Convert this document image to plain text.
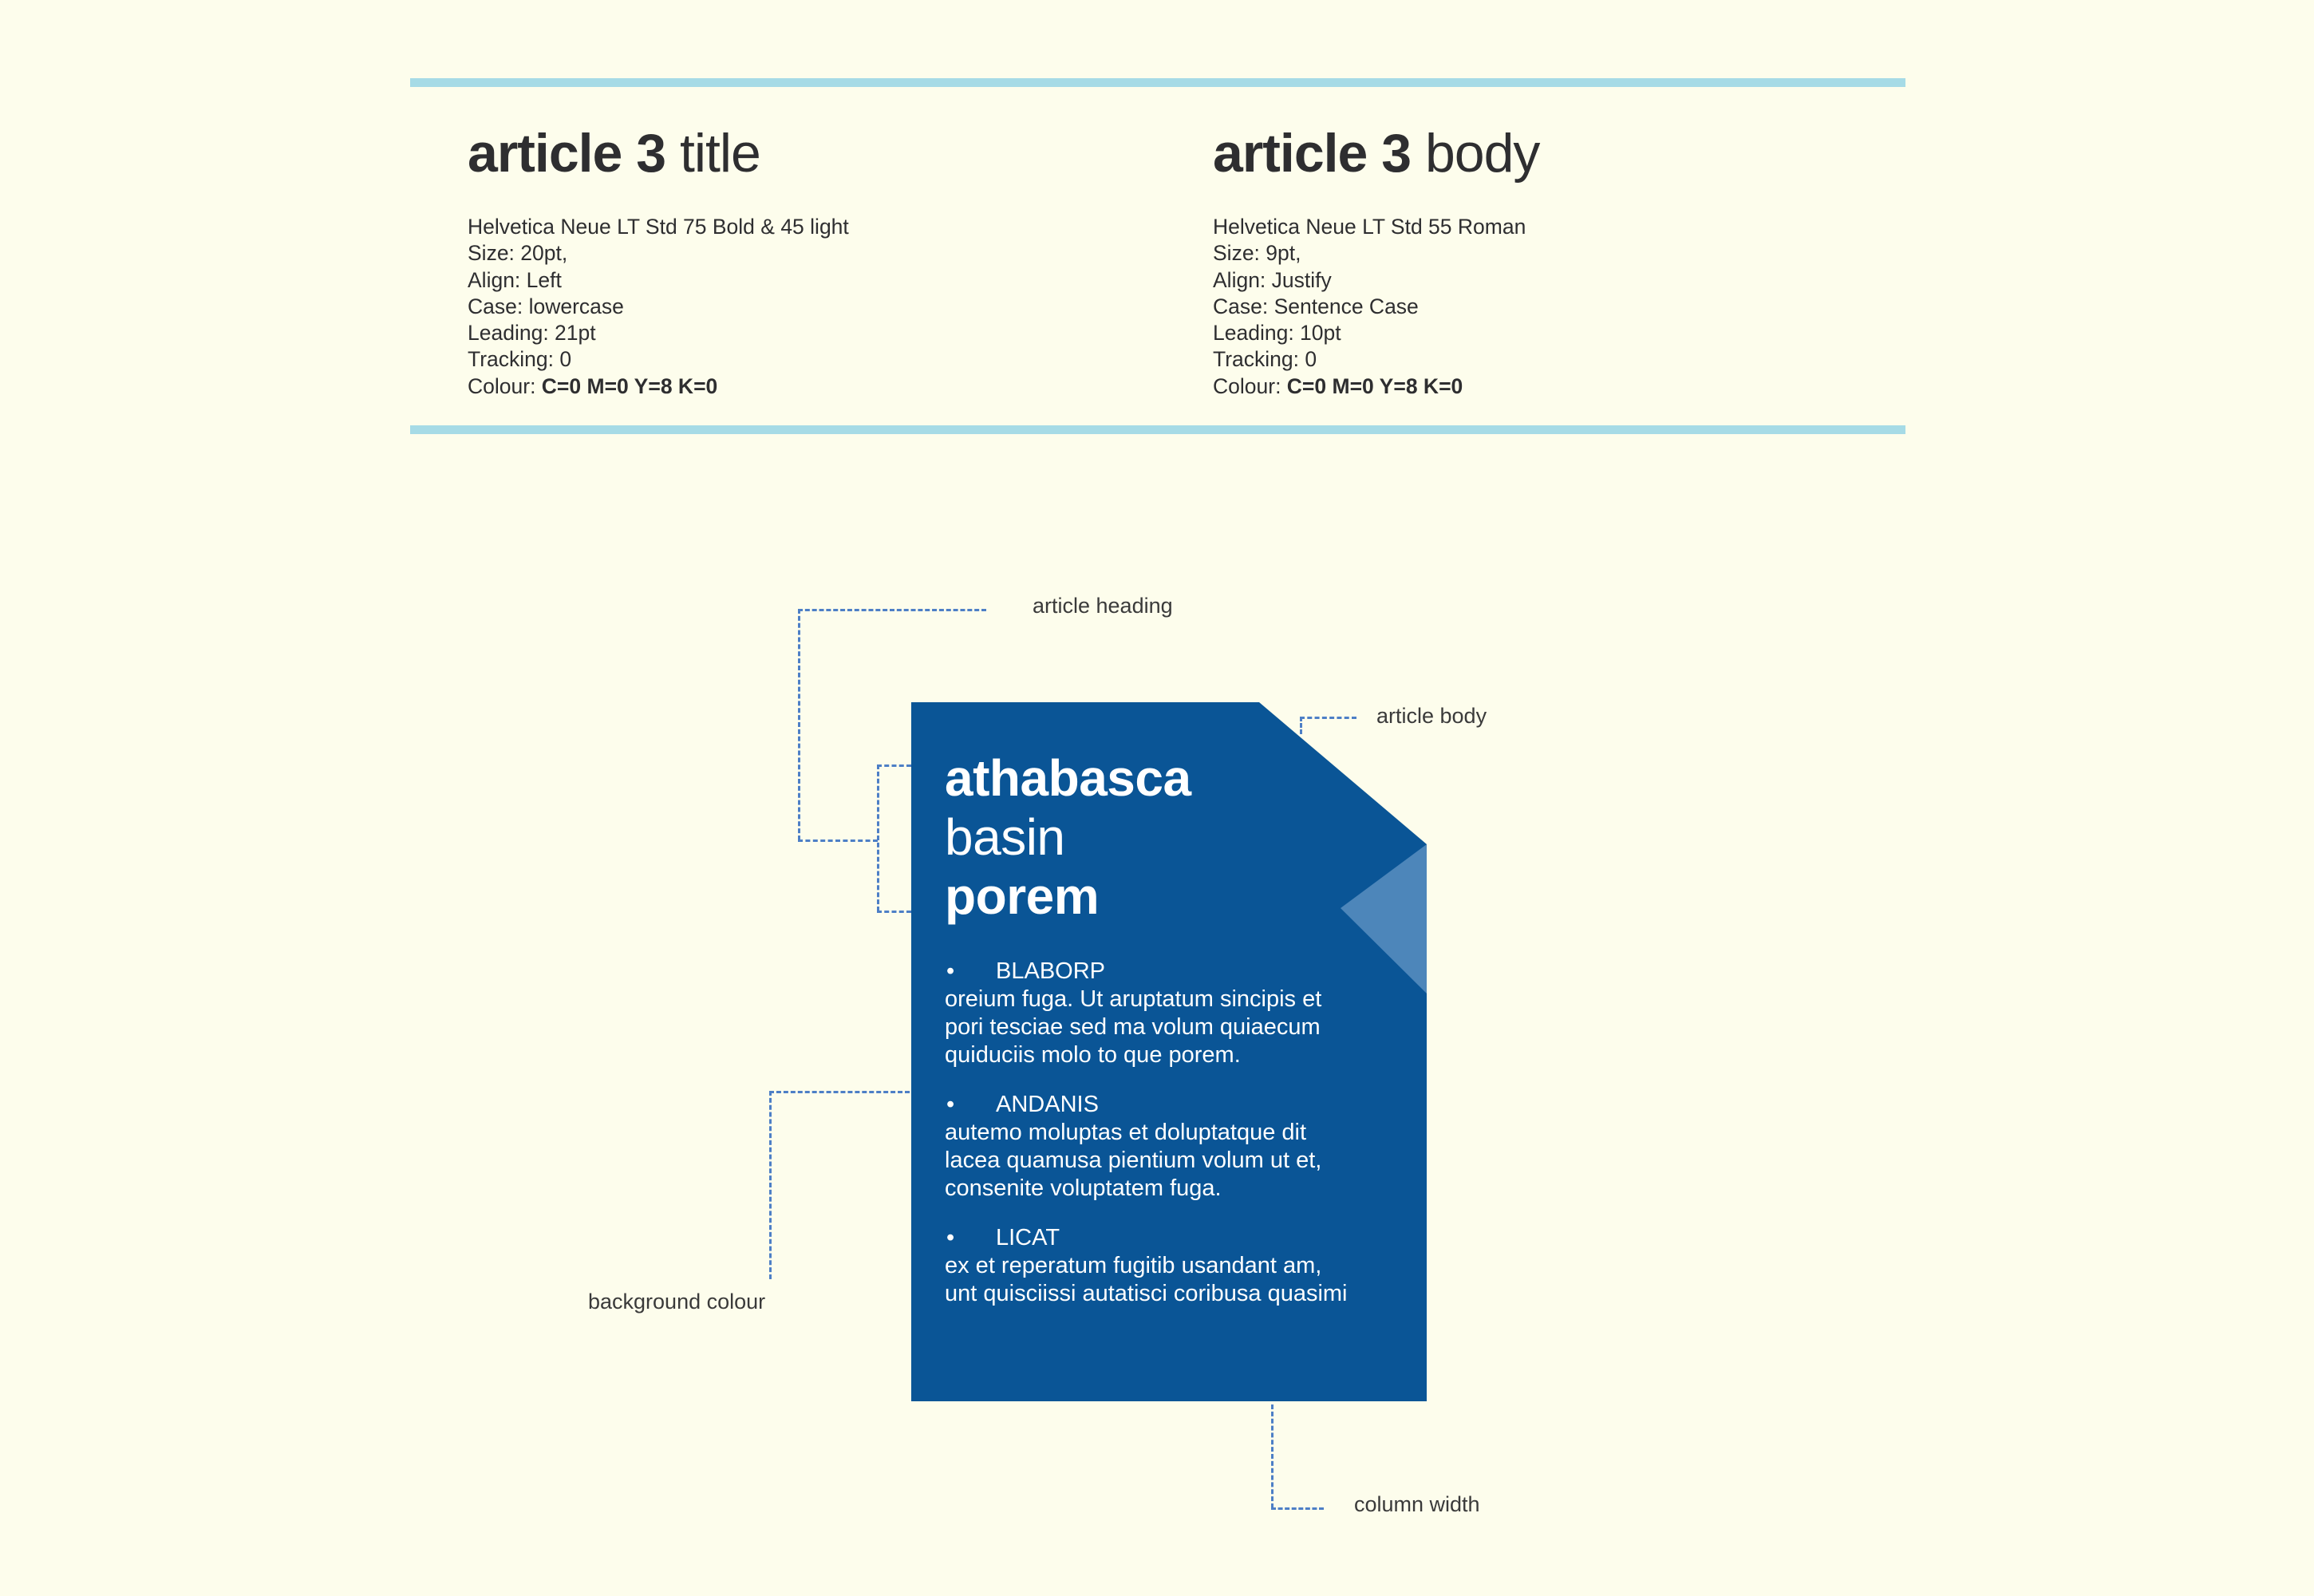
article 3 title
Helvetica Neue LT Std 75 Bold & 45 light
Size: 20pt,
Align: Left
Case: lowercase
Leading: 21pt
Tracking: 0
Colour: C=0 M=0 Y=8 K=0
article 3 body
Helvetica Neue LT Std 55 Roman
Size: 9pt,
Align: Justify
Case: Sentence Case
Leading: 10pt
Tracking: 0
Colour: C=0 M=0 Y=8 K=0
article heading
article body
background colour
column width
athabasca
basin
porem
•	BLABORP
oreium fuga. Ut aruptatum sincipis et
pori tesciae sed ma volum quiaecum
quiduciis molo to que porem.
•	ANDANIS
autemo moluptas et doluptatque dit
lacea quamusa pientium volum ut et,
consenite voluptatem fuga.
•	LICAT
ex et reperatum fugitib usandant am,
unt quisciissi autatisci coribusa quasimi
